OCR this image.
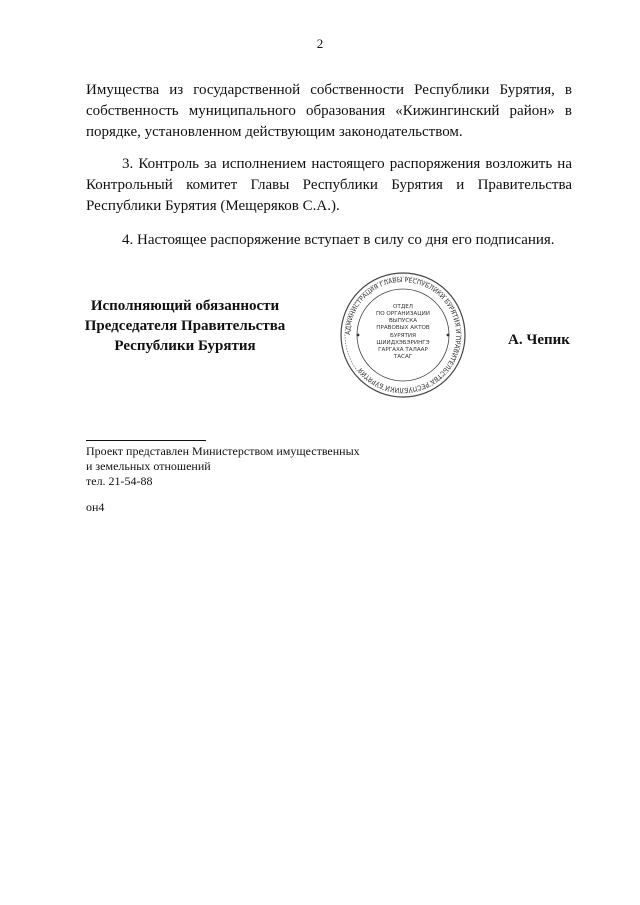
2
Имущества из государственной собственности Республики Бурятия, в
собственность муниципального образования «Кижингинский район» в
порядке, установленном действующим законодательством.
3. Контроль за исполнением настоящего распоряжения возложить на
Контрольный комитет Главы Республики Бурятия и Правительства
Республики Бурятия (Мещеряков С.А.).
4. Настоящее распоряжение вступает в силу со дня его подписания.
Исполняющий обязанности
Председателя Правительства
Республики Бурятия
АДМИНИСТРАЦИЯ ГЛАВЫ РЕСПУБЛИКИ БУРЯТИЯ И ПРАВИТЕЛЬСТВА РЕСПУБЛИКИ БУРЯТИЯ
ОТДЕЛ
ПО ОРГАНИЗАЦИИ
ВЫПУСКА
ПРАВОВЫХ АКТОВ
БУРЯТИЯ
ШИИДХЭБЭРИНГЭ
ГАРГАХА ТАЛААР
ТАСАГ
А. Чепик
Проект представлен Министерством имущественных
и земельных отношений
тел. 21-54-88
он4
